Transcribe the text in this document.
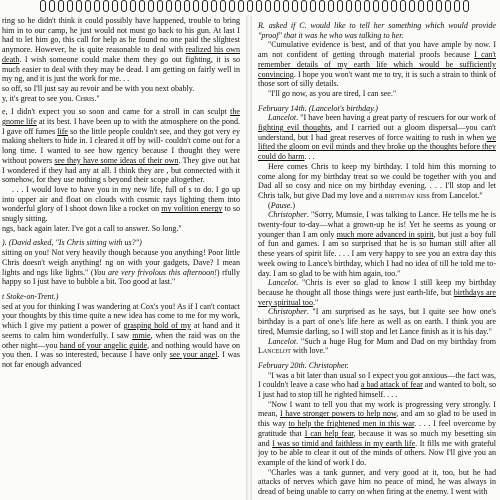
ring so he didn't think it could possibly have happened, trouble to bring him in to our camp, he just would not must go back to his gun. At last I had to let him go, this call for help as he found no one paid the slightest anymore. However, he is quite reasonable to deal with realized his own death. I wish someone could make them they go out fighting, it is so much easier to deal with they may be dead. I am getting on fairly well in my ng, and it is just the work for me. . .

so off, so I'll just say au revoir and be with you next obably.

y, it's great to see you. Chris."

e, I didn't expect you so soon and came for a stroll in can sculpt the gnome life at its best. I have been up to with the atmosphere on the pond. I gave off fumes life so the little people couldn't see, and they got very ey making shelters to hide in. I cleared it off by will- couldn't come out for a long time. I wanted to see how rgency because I thought they were without powers see they have some ideas of their own. They give out hat I wondered if they had any at all. I think they are , but connected with it somehow, for they use nothing s beyond their scope altogether.

. . . I would love to have you in my new life, full of s to do. I go up into upper air and float on clouds with cosmic rays lighting them into wonderful glory of I shoot down like a rocket on my volition energy to so snugly sitting.

ngs, back again later. I've got a call to answer. So long."

). (David asked, "Is Chris sitting with us?")

sitting on you! Not very heavily though because you anything! Poor little Chris doesn't weigh anything! ng on with your gadgets, Dave? I mean lights and ngs like lights." (You are very frivolous this afternoon!) rfully happy so I just have to bubble a bit. Too good at last."

t Stoke-on-Trent.)

sed at you for thinking I was wandering at Cox's you! As if I can't contact your thoughts by this time quite a new idea has come to me for my work, which I give my patient a power of grasping hold of my at hand and it seems to calm him wonderfully. I saw mmie, when the raid was on the other night—you hand of your angelic guide, and nothing would have on you then. I was so interested, because I have only see your angel. I was not far enough advanced

R. asked if C. would like to tell her something which would provide "proof" that it was he who was talking to her.

"Cumulative evidence is best, and of that you have ample by now. I am not confident of getting through material proofs because I can't remember details of my earth life which would be sufficiently convincing. I hope you won't want me to try, it is such a strain to think of those sort of silly details.

"I'll go now, as you are tired, I can see."

February 14th. (Lancelot's birthday.)

Lancelot. "I have been having a great party of rescuers for our work of fighting evil thoughts, and I carried out a gloom dispersal—you can't understand, but I had great reserves of force waiting to rush in when we lifted the gloom on evil minds and they broke up the thoughts before they could do harm. . .

Here comes Chris to keep my birthday. I told him this morning to come along for my birthday treat so we could be together with you and Dad all so cosy and nice on my birthday evening. . . . I'll stop and let Chris talk, but give Dad my love and a birthday kiss from Lancelot."

(Pause.)

Christopher. "Sorry, Mumsie, I was talking to Lance. He tells me he is twenty-four to-day—what a grown-up he is! Yet he seems as young or younger than I am only much more advanced in spirit, but just a boy full of fun and games. I am so surprised that he is so human still after all these years of spirit life. . . . I am very happy to see you an extra day this week owing to Lance's birthday, which I had no idea of till he told me to-day. I am so glad to be with him again, too."

Lancelot. "Chris is ever so glad to know I still keep my birthday because he thought all those things were just earth-life, but birthdays are very spiritual too."

Christopher. "I am surprised as he says, but I quite see how one's birthday is a part of one's life here as well as on earth. I think you are tired, Mumsie darling, so I will stop and let Lance finish as it is his day."

Lancelot. "Such a huge Hug for Mum and Dad on my birthday from Lancelot with love."

February 20th. Christopher.

"I was a bit later than usual so I expect you got anxious—the fact was, I couldn't leave a case who had a bad attack of fear and wanted to bolt, so I just had to stop till he righted himself. . . .

"Now I want to tell you that my work is progressing very strongly. I mean, I have stronger powers to help now, and am so glad to be used in this way to help the frightened men in this war. . . . I feel overcome by gratitude that I can help fear, because it was so much my besetting sin and I was so timid and faithless in my earth life. It fills me with grateful joy to be able to clear it out of the minds of others. Now I'll give you an example of the kind of work I do.

"Charles was a tank gunner, and very good at it, too, but he had attacks of nerves which gave him no peace of mind, he was always in dread of being unable to carry on when firing at the enemy. I went with
